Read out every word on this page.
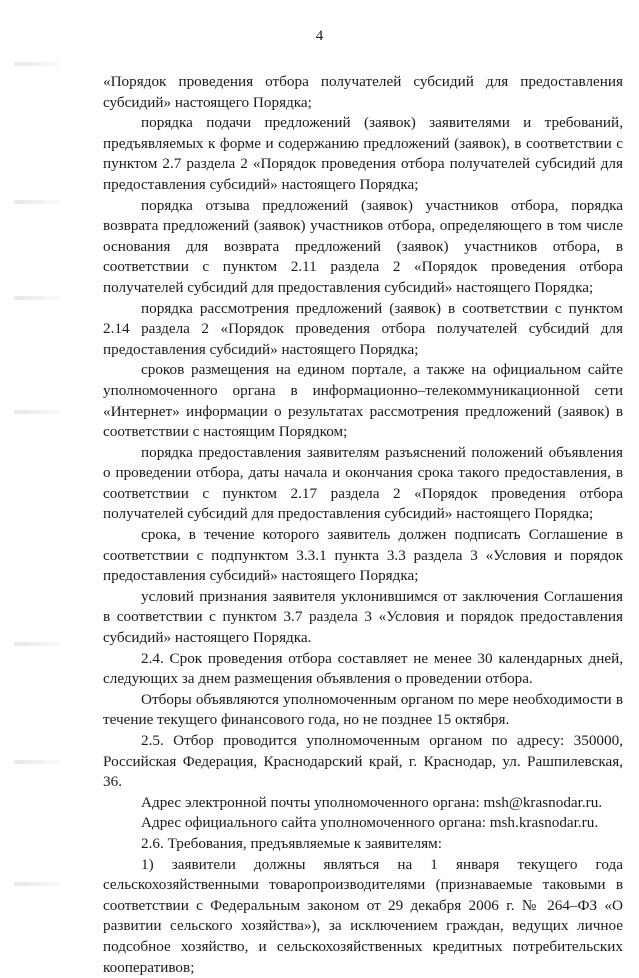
4

«Порядок проведения отбора получателей субсидий для предоставления субсидий» настоящего Порядка;

порядка подачи предложений (заявок) заявителями и требований, предъявляемых к форме и содержанию предложений (заявок), в соответствии с пунктом 2.7 раздела 2 «Порядок проведения отбора получателей субсидий для предоставления субсидий» настоящего Порядка;

порядка отзыва предложений (заявок) участников отбора, порядка возврата предложений (заявок) участников отбора, определяющего в том числе основания для возврата предложений (заявок) участников отбора, в соответствии с пунктом 2.11 раздела 2 «Порядок проведения отбора получателей субсидий для предоставления субсидий» настоящего Порядка;

порядка рассмотрения предложений (заявок) в соответствии с пунктом 2.14 раздела 2 «Порядок проведения отбора получателей субсидий для предоставления субсидий» настоящего Порядка;

сроков размещения на едином портале, а также на официальном сайте уполномоченного органа в информационно–телекоммуникационной сети «Интернет» информации о результатах рассмотрения предложений (заявок) в соответствии с настоящим Порядком;

порядка предоставления заявителям разъяснений положений объявления о проведении отбора, даты начала и окончания срока такого предоставления, в соответствии с пунктом 2.17 раздела 2 «Порядок проведения отбора получателей субсидий для предоставления субсидий» настоящего Порядка;

срока, в течение которого заявитель должен подписать Соглашение в соответствии с подпунктом 3.3.1 пункта 3.3 раздела 3 «Условия и порядок предоставления субсидий» настоящего Порядка;

условий признания заявителя уклонившимся от заключения Соглашения в соответствии с пунктом 3.7 раздела 3 «Условия и порядок предоставления субсидий» настоящего Порядка.

2.4. Срок проведения отбора составляет не менее 30 календарных дней, следующих за днем размещения объявления о проведении отбора.

Отборы объявляются уполномоченным органом по мере необходимости в течение текущего финансового года, но не позднее 15 октября.

2.5. Отбор проводится уполномоченным органом по адресу: 350000, Российская Федерация, Краснодарский край, г. Краснодар, ул. Рашпилевская, 36.

Адрес электронной почты уполномоченного органа: msh@krasnodar.ru.

Адрес официального сайта уполномоченного органа: msh.krasnodar.ru.

2.6. Требования, предъявляемые к заявителям:

1) заявители должны являться на 1 января текущего года сельскохозяйственными товаропроизводителями (признаваемые таковыми в соответствии с Федеральным законом от 29 декабря 2006 г. № 264–ФЗ «О развитии сельского хозяйства»), за исключением граждан, ведущих личное подсобное хозяйство, и сельскохозяйственных кредитных потребительских кооперативов;
